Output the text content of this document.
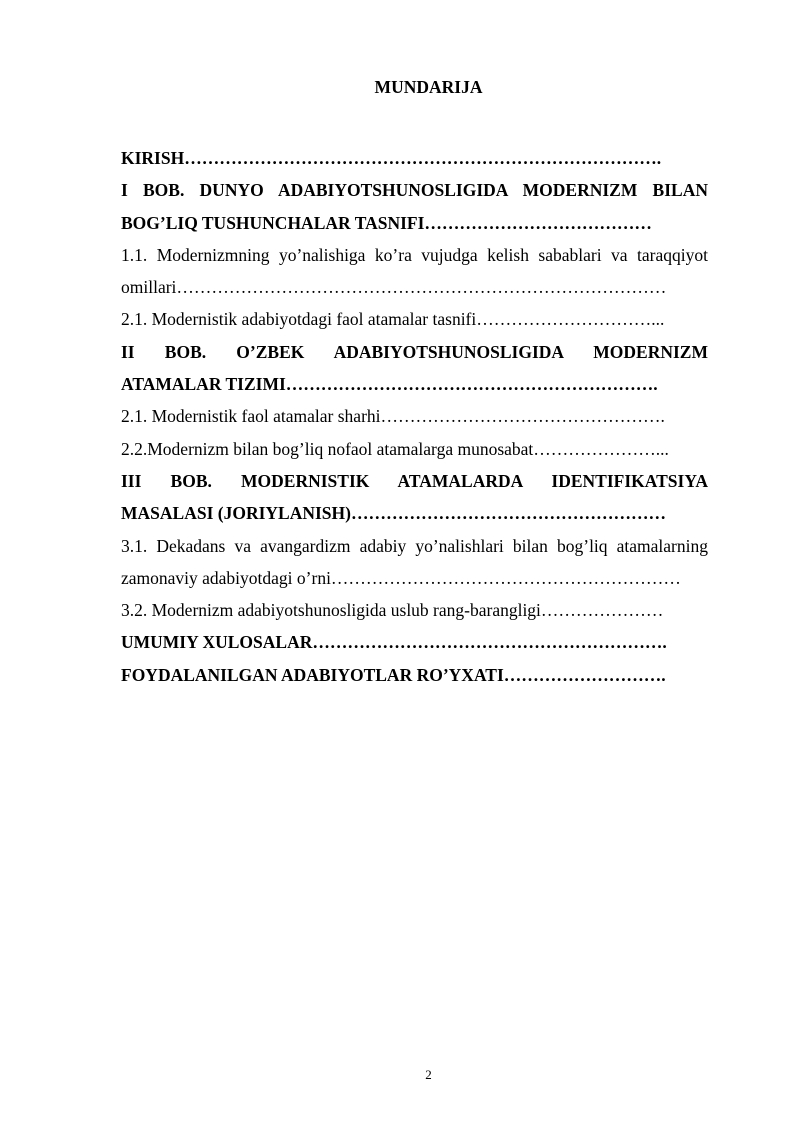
MUNDARIJA
KIRISH……………………………………………………………………….
I BOB. DUNYO ADABIYOTSHUNOSLIGIDA MODERNIZM BILAN
BOG’LIQ TUSHUNCHALAR TASNIFI…………………………………
1.1. Modernizmning yo’nalishiga ko’ra vujudga kelish sabablari va taraqqiyot
omillari…………………………………………………………………………
2.1. Modernistik adabiyotdagi faol atamalar tasnifi…………………………...
II BOB. O’ZBEK ADABIYOTSHUNOSLIGIDA MODERNIZM
ATAMALAR TIZIMI……………………………………………………….
2.1. Modernistik faol atamalar sharhi………………………………………….
2.2.Modernizm bilan bog’liq nofaol atamalarga munosabat…………………...
III BOB. MODERNISTIK ATAMALARDA IDENTIFIKATSIYA
MASALASI (JORIYLANISH)………………………………………………
3.1. Dekadans va avangardizm adabiy yo’nalishlari bilan bog’liq atamalarning
zamonaviy adabiyotdagi o’rni……………………………………………………
3.2. Modernizm adabiyotshunosligida uslub rang-barangligi…………………
UMUMIY XULOSALAR…………………………………………………….
FOYDALANILGAN ADABIYOTLAR RO’YXATI……………………….
2
